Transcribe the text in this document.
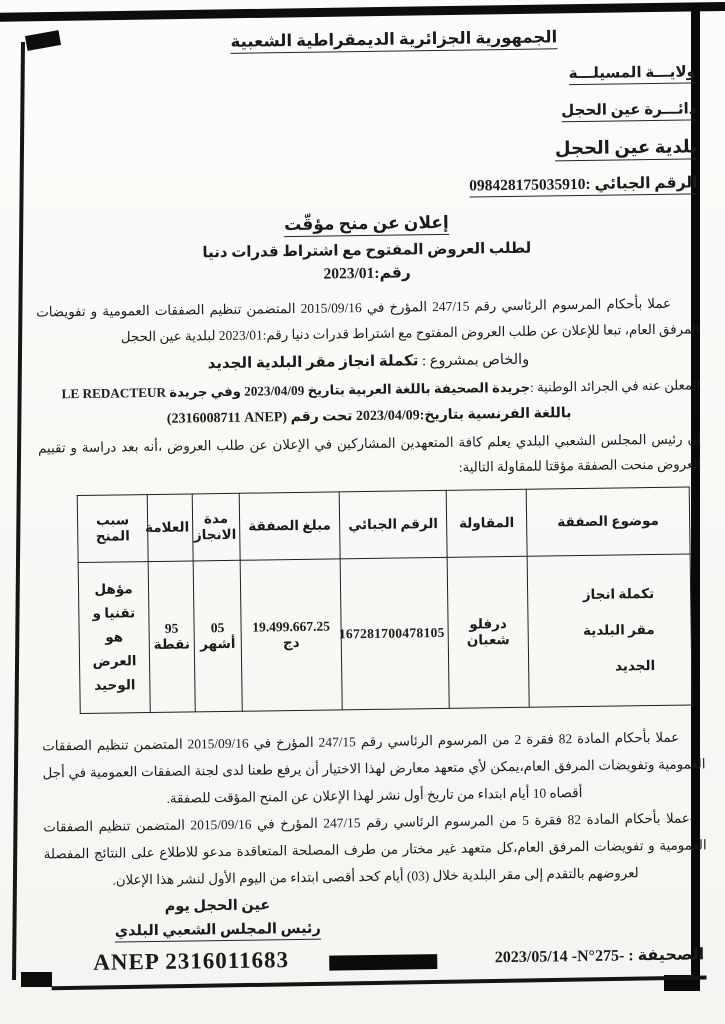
الجمهورية الجزائرية الديمقراطية الشعبية
ولايـــة المسيلـــة
دائـــرة عين الحجل
بلدية عين الحجل
الرقم الجبائي :098428175035910
إعلان عن منح مؤقّت
لطلب العروض المفتوح مع اشتراط قدرات دنيا
رقم:2023/01
عملا بأحكام المرسوم الرئاسي رقم 247/15 المؤرخ في 2015/09/16 المتضمن تنظيم الصفقات العمومية و تفويضات المرفق العام، تبعا للإعلان عن طلب العروض المفتوح مع اشتراط قدرات دنيا رقم:2023/01 لبلدية عين الحجل
والخاص بمشروع : تكملة انجاز مقر البلدية الجديد
المعلن عنه في الجرائد الوطنية :جريدة الصحيفة باللغة العربية بتاريخ 2023/04/09 وفي جريدة LE REDACTEUR
باللغة الفرنسية بتاريخ:2023/04/09 تحت رقم (‎2316008711 ANEP)
إن رئيس المجلس الشعبي البلدي يعلم كافة المتعهدين المشاركين في الإعلان عن طلب العروض ،أنه بعد دراسة و تقييم العروض منحت الصفقة مؤقتا للمقاولة التالية:
موضوع الصفقة	المقاولة	الرقم الجبائي	مبلغ الصفقة	مدة الانجاز	العلامة	سبب المنح
تكملة انجاز مقر البلدية الجديد	درفلو شعبان	167281700478105	19.499.667.25 دج	05 أشهر	95 نقطة	مؤهل تقنيا و هو العرض الوحيد
عملا بأحكام المادة 82 فقرة 2 من المرسوم الرئاسي رقم 247/15 المؤرخ في 2015/09/16 المتضمن تنظيم الصفقات العمومية وتفويضات المرفق العام،يمكن لأي متعهد معارض لهذا الاختيار أن يرفع طعنا لدى لجنة الصفقات العمومية في أجل أقصاه 10 أيام ابتداء من تاريخ أول نشر لهذا الإعلان عن المنح المؤقت للصفقة.
-عملا بأحكام المادة 82 فقرة 5 من المرسوم الرئاسي رقم 247/15 المؤرخ في 2015/09/16 المتضمن تنظيم الصفقات العمومية و تفويضات المرفق العام،كل متعهد غير مختار من طرف المصلحة المتعاقدة مدعو للاطلاع على النتائج المفصلة لعروضهم بالتقدم إلى مقر البلدية خلال (03) أيام كحد أقصى ابتداء من اليوم الأول لنشر هذا الإعلان.
عين الحجل يوم
رئيس المجلس الشعبي البلدي
ANEP 2316011683	2023/05/14 -N°275- : الصحيفة
